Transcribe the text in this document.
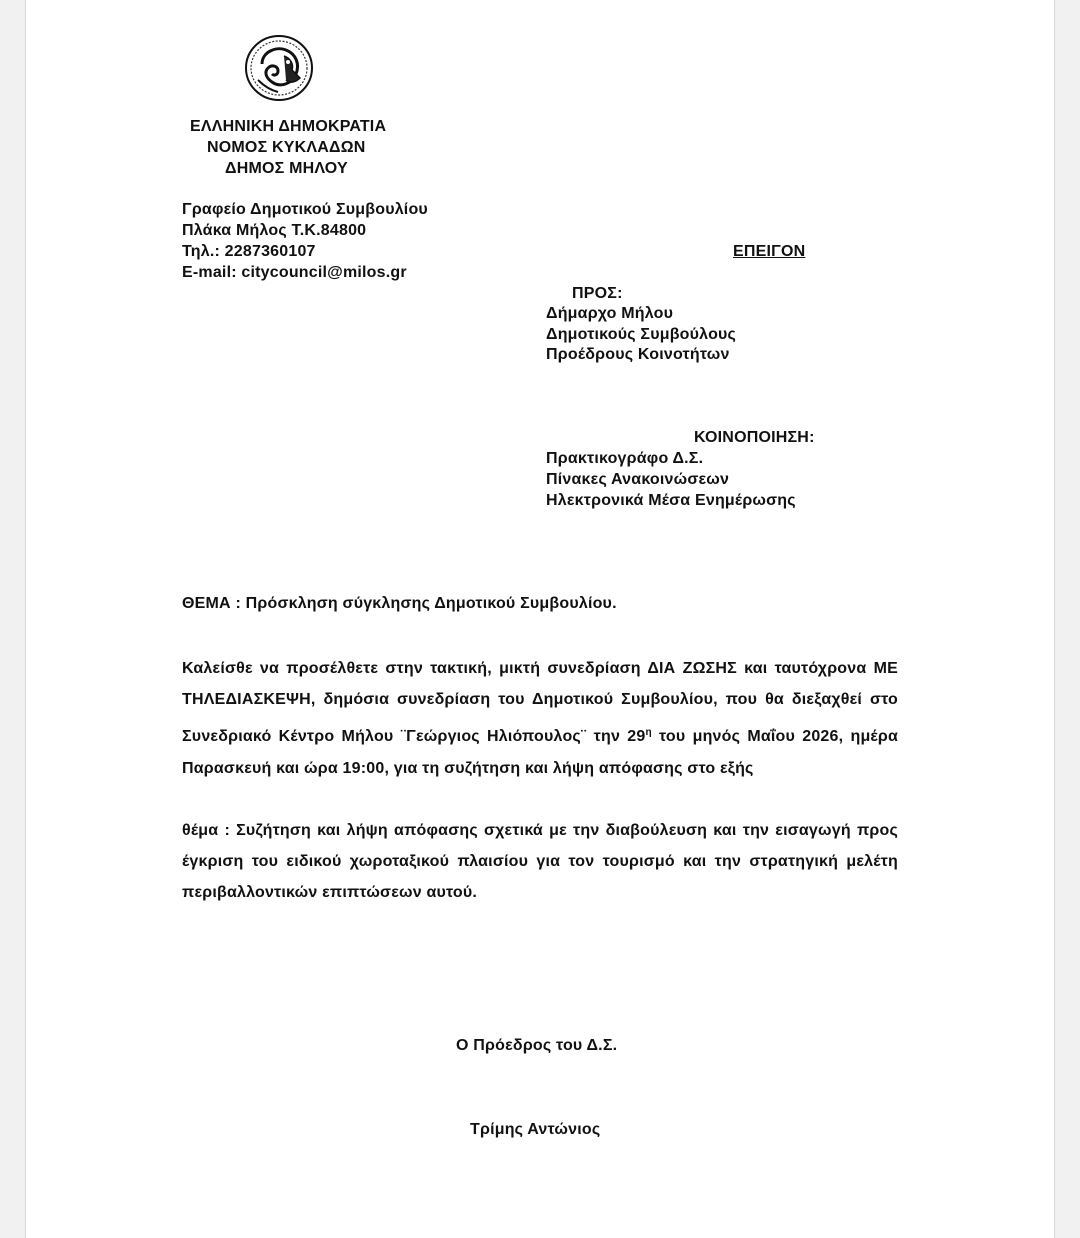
ΕΛΛΗΝΙΚΗ ΔΗΜΟΚΡΑΤΙΑ
ΝΟΜΟΣ ΚΥΚΛΑΔΩΝ
ΔΗΜΟΣ ΜΗΛΟΥ
Γραφείο Δημοτικού Συμβουλίου
Πλάκα Μήλος Τ.Κ.84800
Τηλ.: 2287360107
E-mail: citycouncil@milos.gr
ΕΠΕΙΓΟΝ
ΠΡΟΣ:
Δήμαρχο Μήλου
Δημοτικούς Συμβούλους
Προέδρους Κοινοτήτων
ΚΟΙΝΟΠΟΙΗΣΗ:
Πρακτικογράφο Δ.Σ.
Πίνακες Ανακοινώσεων
Ηλεκτρονικά Μέσα Ενημέρωσης
ΘΕΜΑ : Πρόσκληση σύγκλησης Δημοτικού Συμβουλίου.
Καλείσθε να προσέλθετε στην τακτική, μικτή συνεδρίαση ΔΙΑ ΖΩΣΗΣ και ταυτόχρονα ΜΕ
ΤΗΛΕΔΙΑΣΚΕΨΗ, δημόσια συνεδρίαση του Δημοτικού Συμβουλίου, που θα διεξαχθεί στο
Συνεδριακό Κέντρο Μήλου ¨Γεώργιος Ηλιόπουλος¨ την $29^\eta$ του μηνός Μαΐου 2026, ημέρα
Παρασκευή και ώρα 19:00, για τη συζήτηση και λήψη απόφασης στο εξής
θέμα : Συζήτηση και λήψη απόφασης σχετικά με την διαβούλευση και την εισαγωγή προς
έγκριση του ειδικού χωροταξικού πλαισίου για τον τουρισμό και την στρατηγική μελέτη
περιβαλλοντικών επιπτώσεων αυτού.
Ο Πρόεδρος του Δ.Σ.
Τρίμης Αντώνιος
